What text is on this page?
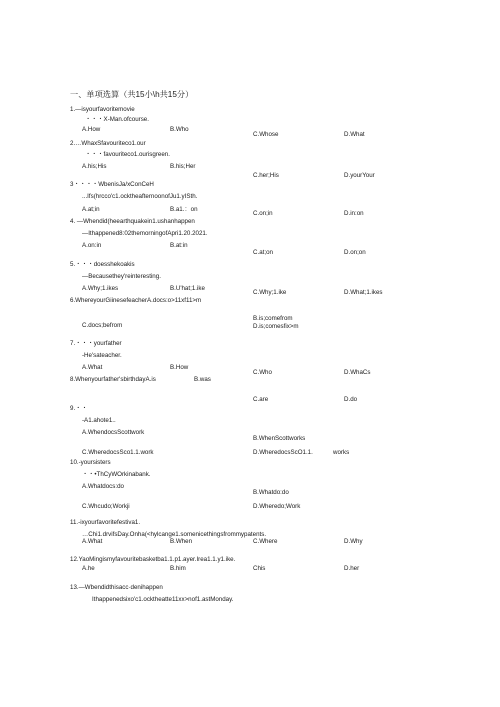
一、单项选算（共15小\h共15分）
1.—isyourfavoritemovie
・・・X-Man.ofcourse.
A.How	B.Who
C.Whose	D.What
2.…WhaxSfavouriteco1.our
・・・favouriteco1.ourisgreen.
A.his;His	B.his;Her
C.her;His	D.yourYour
3・・・・WbenisJa/xConCeH
...Ifs(hrcco'c1.ocktheafternoonofJu1.yISth.
A.at;in	B.a1.：on
C.on;in	D.in:on
4. —Whendid(heearthquakein1.ushanhappen
—Ithappened8:02themorningofApri1.20.2021.
A.on:in	B.at:in
C.at;on	D.on;on
5.・・・doesshekoakis
—Becausethey'reinteresting.
A.Why;1.ikes	B.U'hat;1.ike
C.Why;1.ike	D.What;1.ikes
6.WhereyourGiinesefeacherA.docs:o>11xf11>m
B.is;comefrom
C.docs;befrom	D.is;comesfix>m
7.・・・yourfather
-He'sateacher.
A.What	B.How
C.Who	D.WhaCs
8.Whenyourfather'sbirthdayA.is	B.was
C.are	D.do
9.・・
-A1.ahote1..
A.WhendocsScottwork
B.WhenScottworks
C.WheredocsSco1.1.work	D.WheredocsScO1.1.	works
10.-yoursisters
・・•ThCyWOrkinabank.
A.Whatdocs:do
B.Whatdo:do
C.Whcudo;Workji	D.Wheredo;Work
11.-ixyourfavoritefestiva1.
…Chi1.drvifsDay.Onha(<hylcange1.somenicethingsfrommypatents.
A.What	B.When	C.Where	D.Why
12.YaoMingismyfavouritebasketba1.1.p1.ayer.Irea1.1.y1.ike.
A.he	B.him	Chis	D.her
13.—Wbendidthisacc·denihappen
Ithappenedsixo'c1.ocktheatte11xx>nof1.astMonday.
